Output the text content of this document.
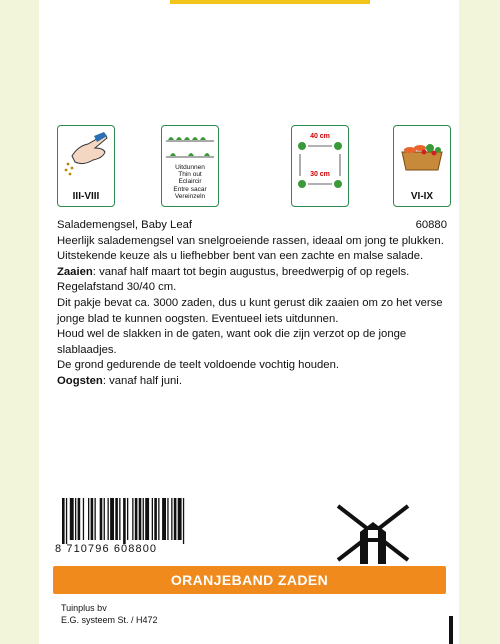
III-VIII
Uitdunnen
Thin out
Eclaircir
Entre sacar
Vereinzeln
40 cm
30 cm
VI-IX
Salademengsel, Baby Leaf	60880

Heerlijk salademengsel van snelgroeiende rassen, ideaal om jong te plukken. Uitstekende keuze als u liefhebber bent van een zachte en malse salade.

Zaaien: vanaf half maart tot begin augustus, breedwerpig of op regels. Regelafstand 30/40 cm.

Dit pakje bevat ca. 3000 zaden, dus u kunt gerust dik zaaien om zo het verse jonge blad te kunnen oogsten. Eventueel iets uitdunnen.

Houd wel de slakken in de gaten, want ook die zijn verzot op de jonge slablaadjes.

De grond gedurende de teelt voldoende vochtig houden.

Oogsten: vanaf half juni.

8 710796 608800
ORANJEBAND ZADEN
Tuinplus bv
E.G. systeem St. / H472
